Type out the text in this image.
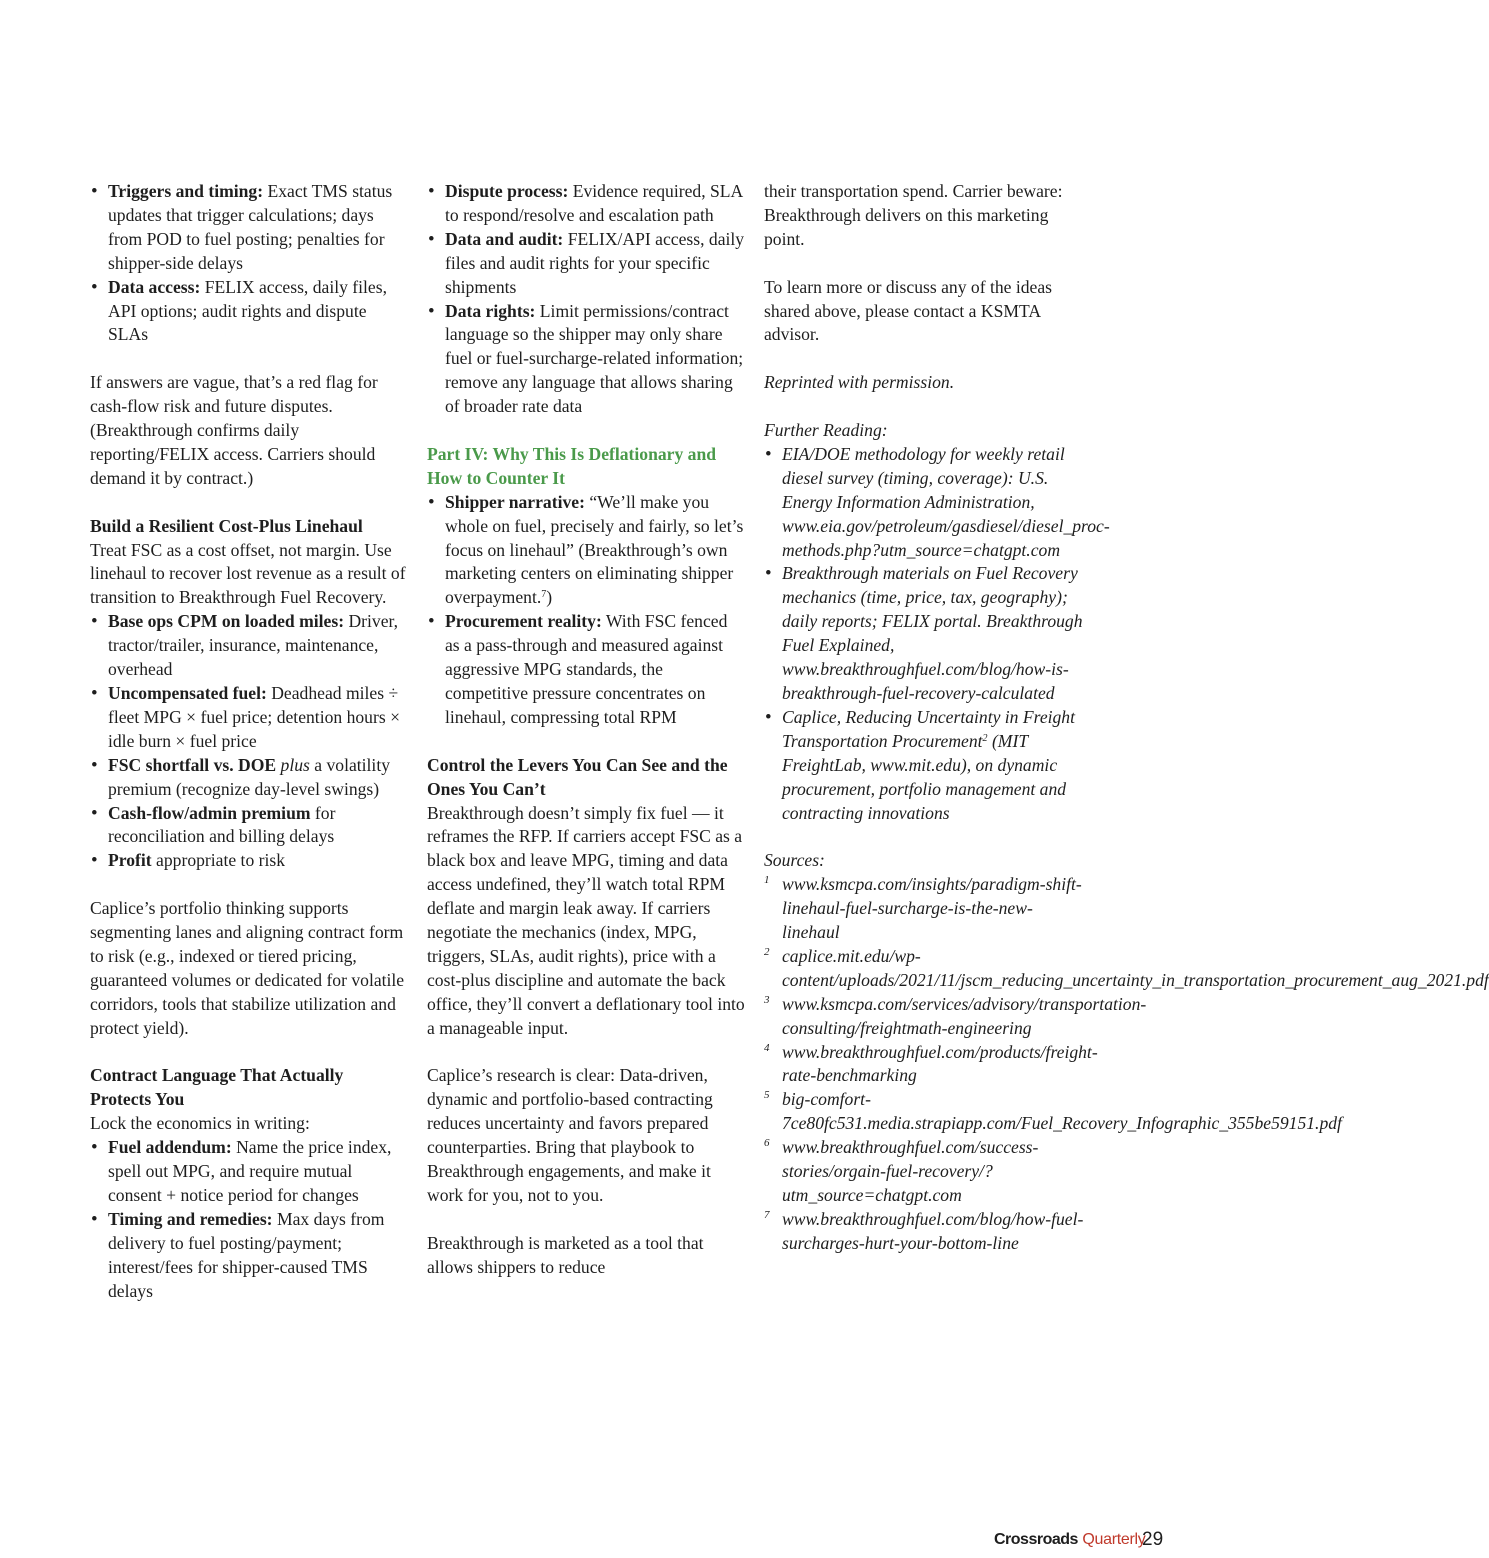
• Triggers and timing: Exact TMS status updates that trigger calculations; days from POD to fuel posting; penalties for shipper-side delays
• Data access: FELIX access, daily files, API options; audit rights and dispute SLAs

If answers are vague, that’s a red flag for cash-flow risk and future disputes. (Breakthrough confirms daily reporting/FELIX access. Carriers should demand it by contract.)

Build a Resilient Cost-Plus Linehaul

Treat FSC as a cost offset, not margin. Use linehaul to recover lost revenue as a result of transition to Breakthrough Fuel Recovery.

• Base ops CPM on loaded miles: Driver, tractor/trailer, insurance, maintenance, overhead
• Uncompensated fuel: Deadhead miles ÷ fleet MPG × fuel price; detention hours × idle burn × fuel price
• FSC shortfall vs. DOE plus a volatility premium (recognize day-level swings)
• Cash-flow/admin premium for reconciliation and billing delays
• Profit appropriate to risk

Caplice’s portfolio thinking supports segmenting lanes and aligning contract form to risk (e.g., indexed or tiered pricing, guaranteed volumes or dedicated for volatile corridors, tools that stabilize utilization and protect yield).

Contract Language That Actually Protects You

Lock the economics in writing:

• Fuel addendum: Name the price index, spell out MPG, and require mutual consent + notice period for changes
• Timing and remedies: Max days from delivery to fuel posting/payment; interest/fees for shipper-caused TMS delays
• Dispute process: Evidence required, SLA to respond/resolve and escalation path
• Data and audit: FELIX/API access, daily files and audit rights for your specific shipments
• Data rights: Limit permissions/contract language so the shipper may only share fuel or fuel-surcharge-related information; remove any language that allows sharing of broader rate data

Part IV: Why This Is Deflationary and How to Counter It

• Shipper narrative: “We’ll make you whole on fuel, precisely and fairly, so let’s focus on linehaul” (Breakthrough’s own marketing centers on eliminating shipper overpayment.$^7$)
• Procurement reality: With FSC fenced as a pass-through and measured against aggressive MPG standards, the competitive pressure concentrates on linehaul, compressing total RPM

Control the Levers You Can See and the Ones You Can’t

Breakthrough doesn’t simply fix fuel — it reframes the RFP. If carriers accept FSC as a black box and leave MPG, timing and data access undefined, they’ll watch total RPM deflate and margin leak away. If carriers negotiate the mechanics (index, MPG, triggers, SLAs, audit rights), price with a cost-plus discipline and automate the back office, they’ll convert a deflationary tool into a manageable input.

Caplice’s research is clear: Data-driven, dynamic and portfolio-based contracting reduces uncertainty and favors prepared counterparties. Bring that playbook to Breakthrough engagements, and make it work for you, not to you.

Breakthrough is marketed as a tool that allows shippers to reduce

their transportation spend. Carrier beware: Breakthrough delivers on this marketing point.

To learn more or discuss any of the ideas shared above, please contact a KSMTA advisor.

Reprinted with permission.

Further Reading:

• EIA/DOE methodology for weekly retail diesel survey (timing, coverage): U.S. Energy Information Administration, www.eia.gov/petroleum/gasdiesel/diesel_proc-methods.php?utm_source=chatgpt.com
• Breakthrough materials on Fuel Recovery mechanics (time, price, tax, geography); daily reports; FELIX portal. Breakthrough Fuel Explained, www.breakthroughfuel.com/blog/how-is-breakthrough-fuel-recovery-calculated
• Caplice, Reducing Uncertainty in Freight Transportation Procurement$^2$ (MIT FreightLab, www.mit.edu), on dynamic procurement, portfolio management and contracting innovations

Sources:

1 www.ksmcpa.com/insights/paradigm-shift-linehaul-fuel-surcharge-is-the-new-linehaul
2 caplice.mit.edu/wp-content/uploads/2021/11/jscm_reducing_uncertainty_in_transportation_procurement_aug_2021.pdf
3 www.ksmcpa.com/services/advisory/transportation-consulting/freightmath-engineering
4 www.breakthroughfuel.com/products/freight-rate-benchmarking
5 big-comfort-7ce80fc531.media.strapiapp.com/Fuel_Recovery_Infographic_355be59151.pdf
6 www.breakthroughfuel.com/success-stories/orgain-fuel-recovery/?utm_source=chatgpt.com
7 www.breakthroughfuel.com/blog/how-fuel-surcharges-hurt-your-bottom-line
Crossroads Quarterly
29
